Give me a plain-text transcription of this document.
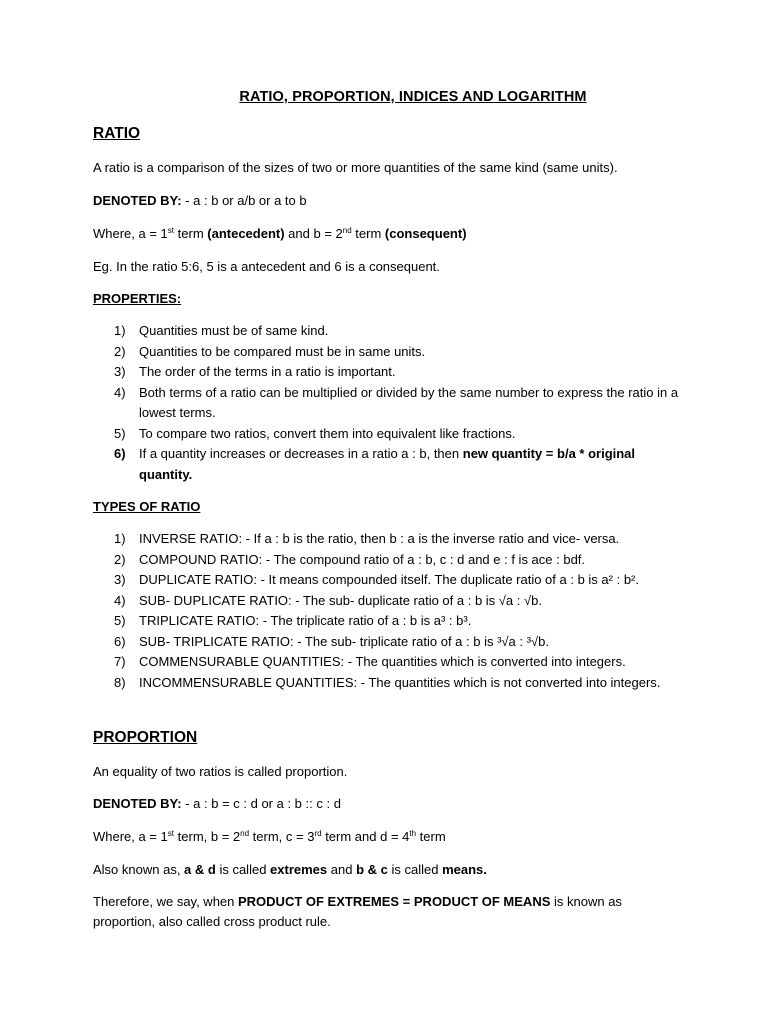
RATIO, PROPORTION, INDICES AND LOGARITHM
RATIO
A ratio is a comparison of the sizes of two or more quantities of the same kind (same units).
DENOTED BY: - a : b or a/b or a to b
Where, a = 1st term (antecedent) and b = 2nd term (consequent)
Eg. In the ratio 5:6, 5 is a antecedent and 6 is a consequent.
PROPERTIES:
1) Quantities must be of same kind.
2) Quantities to be compared must be in same units.
3) The order of the terms in a ratio is important.
4) Both terms of a ratio can be multiplied or divided by the same number to express the ratio in a lowest terms.
5) To compare two ratios, convert them into equivalent like fractions.
6) If a quantity increases or decreases in a ratio a : b, then new quantity = b/a * original quantity.
TYPES OF RATIO
1) INVERSE RATIO: - If a : b is the ratio, then b : a is the inverse ratio and vice- versa.
2) COMPOUND RATIO: - The compound ratio of a : b, c : d and e : f is ace : bdf.
3) DUPLICATE RATIO: - It means compounded itself. The duplicate ratio of a : b is a² : b².
4) SUB- DUPLICATE RATIO: - The sub- duplicate ratio of a : b is √a : √b.
5) TRIPLICATE RATIO: - The triplicate ratio of a : b is a³ : b³.
6) SUB- TRIPLICATE RATIO: - The sub- triplicate ratio of a : b is ³√a : ³√b.
7) COMMENSURABLE QUANTITIES: - The quantities which is converted into integers.
8) INCOMMENSURABLE QUANTITIES: - The quantities which is not converted into integers.
PROPORTION
An equality of two ratios is called proportion.
DENOTED BY: - a : b = c : d or a : b :: c : d
Where, a = 1st term, b = 2nd term, c = 3rd term and d = 4th term
Also known as, a & d is called extremes and b & c is called means.
Therefore, we say, when PRODUCT OF EXTREMES = PRODUCT OF MEANS is known as proportion, also called cross product rule.
